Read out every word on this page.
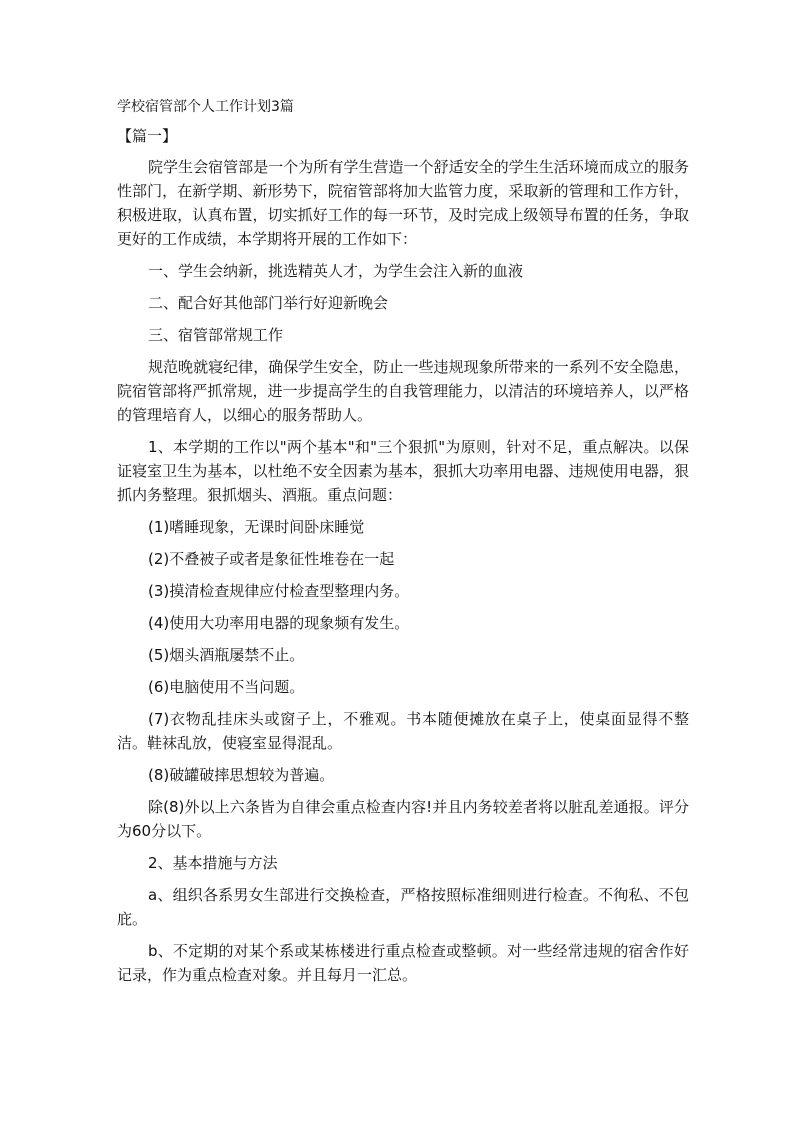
学校宿管部个人工作计划3篇
【篇一】
院学生会宿管部是一个为所有学生营造一个舒适安全的学生生活环境而成立的服务性部门，在新学期、新形势下，院宿管部将加大监管力度，采取新的管理和工作方针，积极进取，认真布置，切实抓好工作的每一环节，及时完成上级领导布置的任务，争取更好的工作成绩，本学期将开展的工作如下：
一、学生会纳新，挑选精英人才，为学生会注入新的血液
二、配合好其他部门举行好迎新晚会
三、宿管部常规工作
规范晚就寝纪律，确保学生安全，防止一些违规现象所带来的一系列不安全隐患，院宿管部将严抓常规，进一步提高学生的自我管理能力，以清洁的环境培养人，以严格的管理培育人，以细心的服务帮助人。
1、本学期的工作以"两个基本"和"三个狠抓"为原则，针对不足，重点解决。以保证寝室卫生为基本，以杜绝不安全因素为基本，狠抓大功率用电器、违规使用电器，狠抓内务整理。狠抓烟头、酒瓶。重点问题：
(1)嗜睡现象，无课时间卧床睡觉
(2)不叠被子或者是象征性堆卷在一起
(3)摸清检查规律应付检查型整理内务。
(4)使用大功率用电器的现象频有发生。
(5)烟头酒瓶屡禁不止。
(6)电脑使用不当问题。
(7)衣物乱挂床头或窗子上，不雅观。书本随便摊放在桌子上，使桌面显得不整洁。鞋袜乱放，使寝室显得混乱。
(8)破罐破摔思想较为普遍。
除(8)外以上六条皆为自律会重点检查内容!并且内务较差者将以脏乱差通报。评分为60分以下。
2、基本措施与方法
a、组织各系男女生部进行交换检查，严格按照标准细则进行检查。不徇私、不包庇。
b、不定期的对某个系或某栋楼进行重点检查或整顿。对一些经常违规的宿舍作好记录，作为重点检查对象。并且每月一汇总。
